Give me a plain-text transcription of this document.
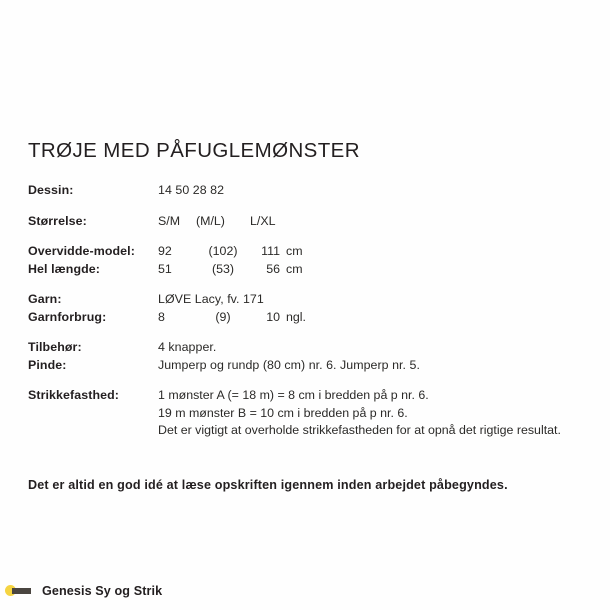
TRØJE MED PÅFUGLEMØNSTER
Dessin:	14 50 28 82
Størrelse:	S/M	(M/L)	L/XL
Overvidde-model:	92	(102)	111 cm
Hel længde:	51	(53)	56 cm
Garn:	LØVE Lacy, fv. 171
Garnforbrug:	8	(9)	10 ngl.
Tilbehør:	4 knapper.
Pinde:	Jumperp og rundp (80 cm) nr. 6. Jumperp nr. 5.
Strikkefasthed:	1 mønster A (= 18 m) = 8 cm i bredden på p nr. 6.
19 m mønster B = 10 cm i bredden på p nr. 6.
Det er vigtigt at overholde strikkefastheden for at opnå det rigtige resultat.
Det er altid en god idé at læse opskriften igennem inden arbejdet påbegyndes.
Genesis Sy og Strik
